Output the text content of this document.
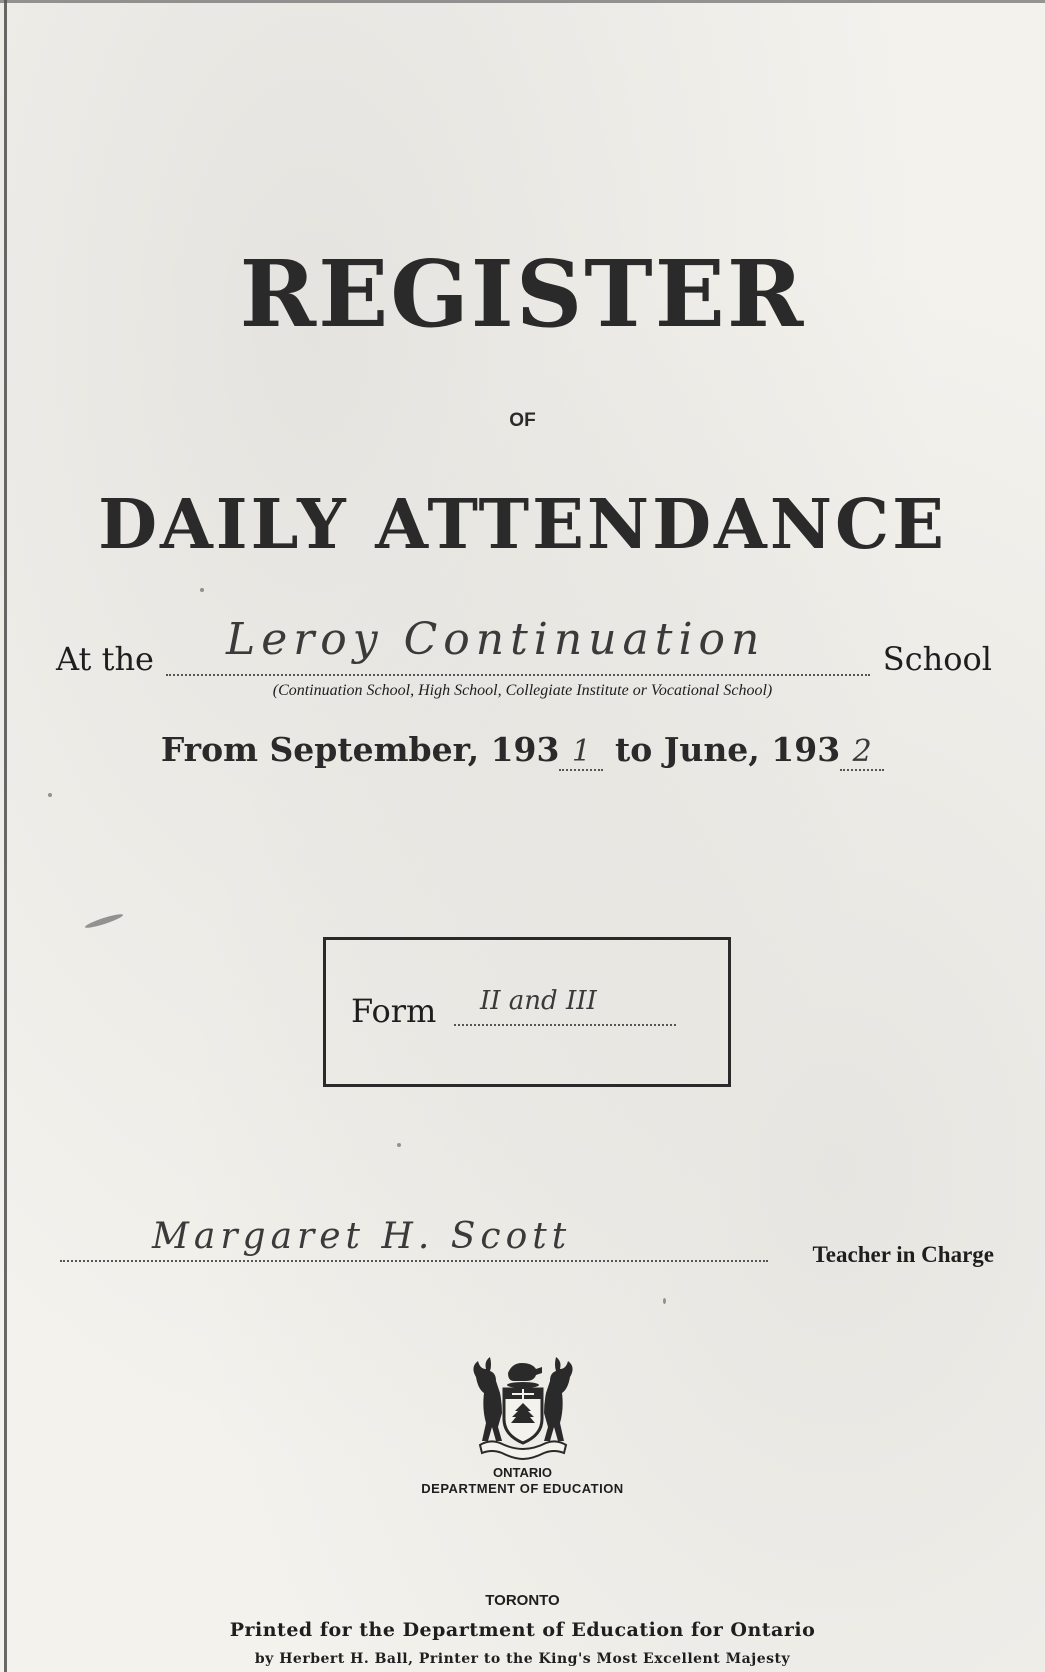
REGISTER
OF
DAILY ATTENDANCE
At the Leroy Continuation	School
(Continuation School, High School, Collegiate Institute or Vocational School)
From September, 193 1 to June, 193 2
Form	II and III
Margaret H. Scott	Teacher in Charge
ONTARIO
DEPARTMENT OF EDUCATION
TORONTO
Printed for the Department of Education for Ontario
by Herbert H. Ball, Printer to the King's Most Excellent Majesty
